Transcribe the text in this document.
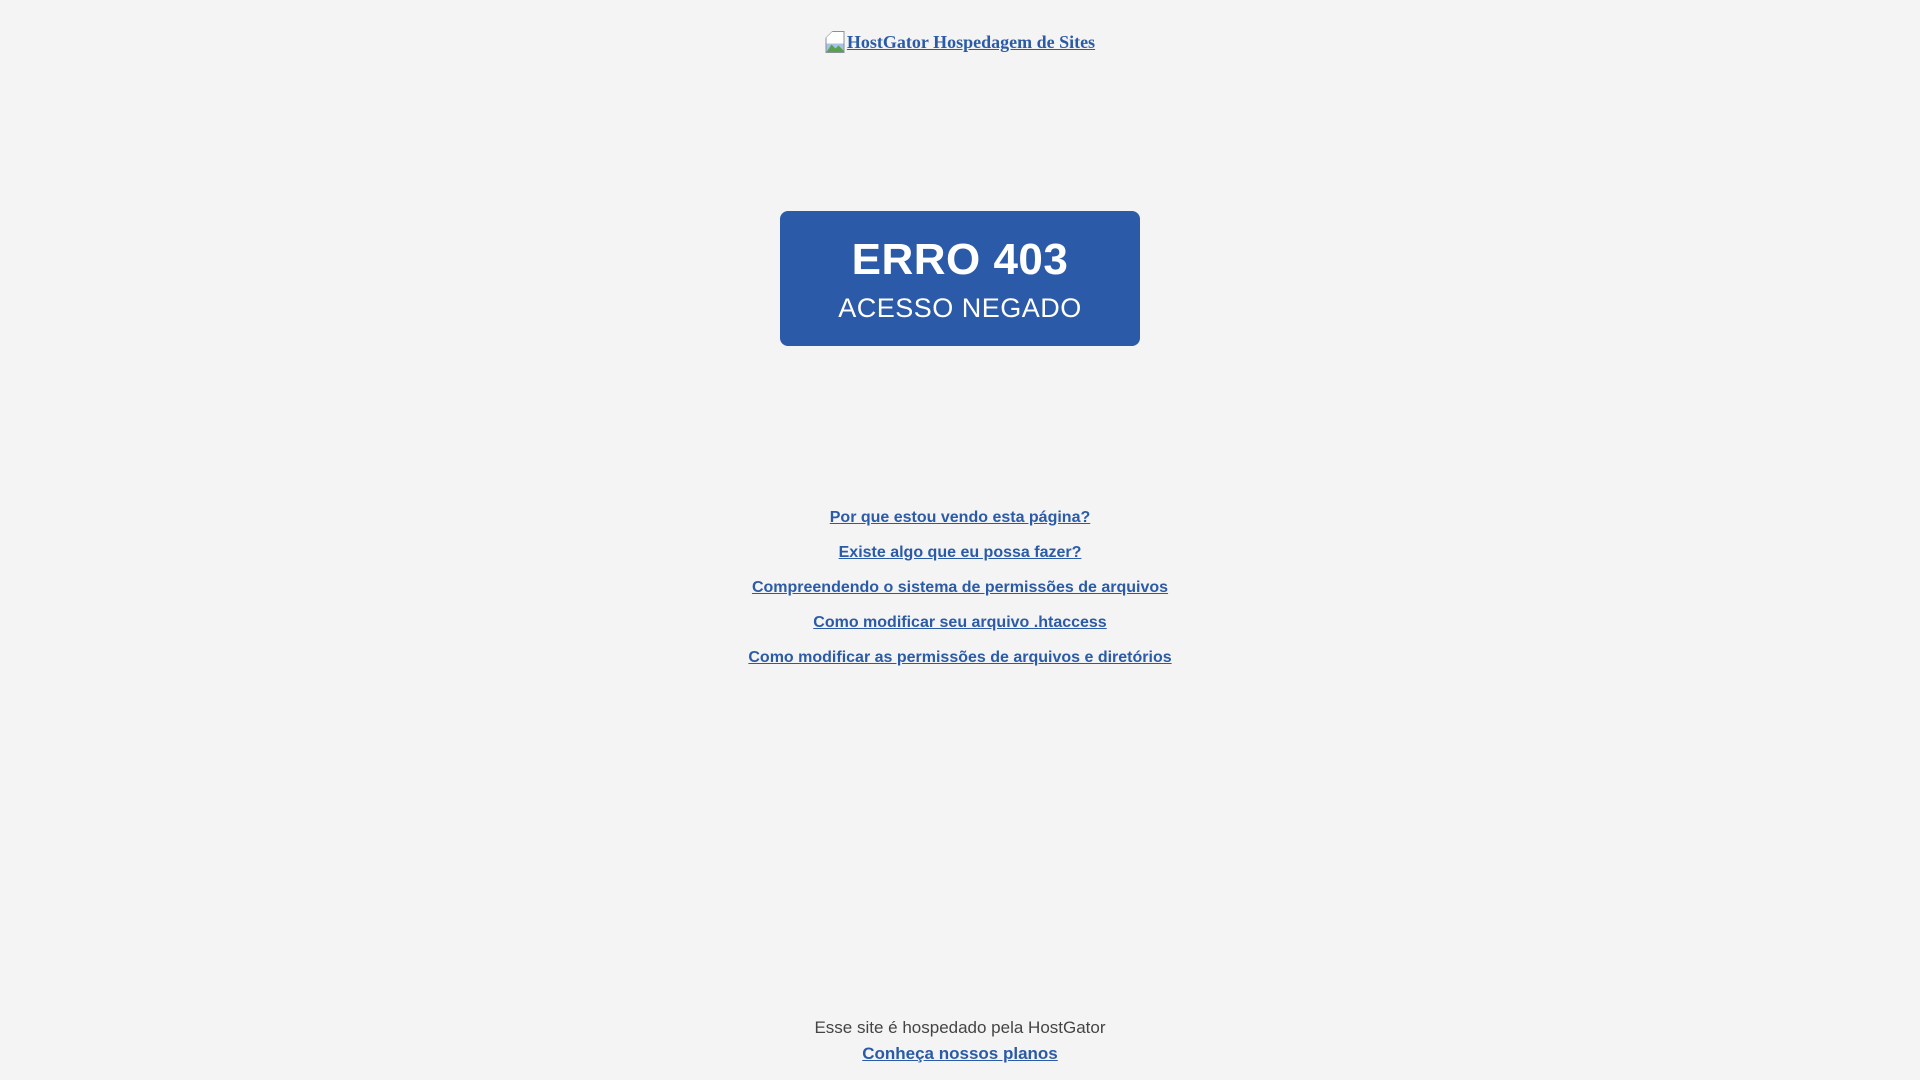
HostGator Hospedagem de Sites
ERRO 403
ACESSO NEGADO
Por que estou vendo esta página?
Existe algo que eu possa fazer?
Compreendendo o sistema de permissões de arquivos
Como modificar seu arquivo .htaccess
Como modificar as permissões de arquivos e diretórios
Esse site é hospedado pela HostGator
Conheça nossos planos
